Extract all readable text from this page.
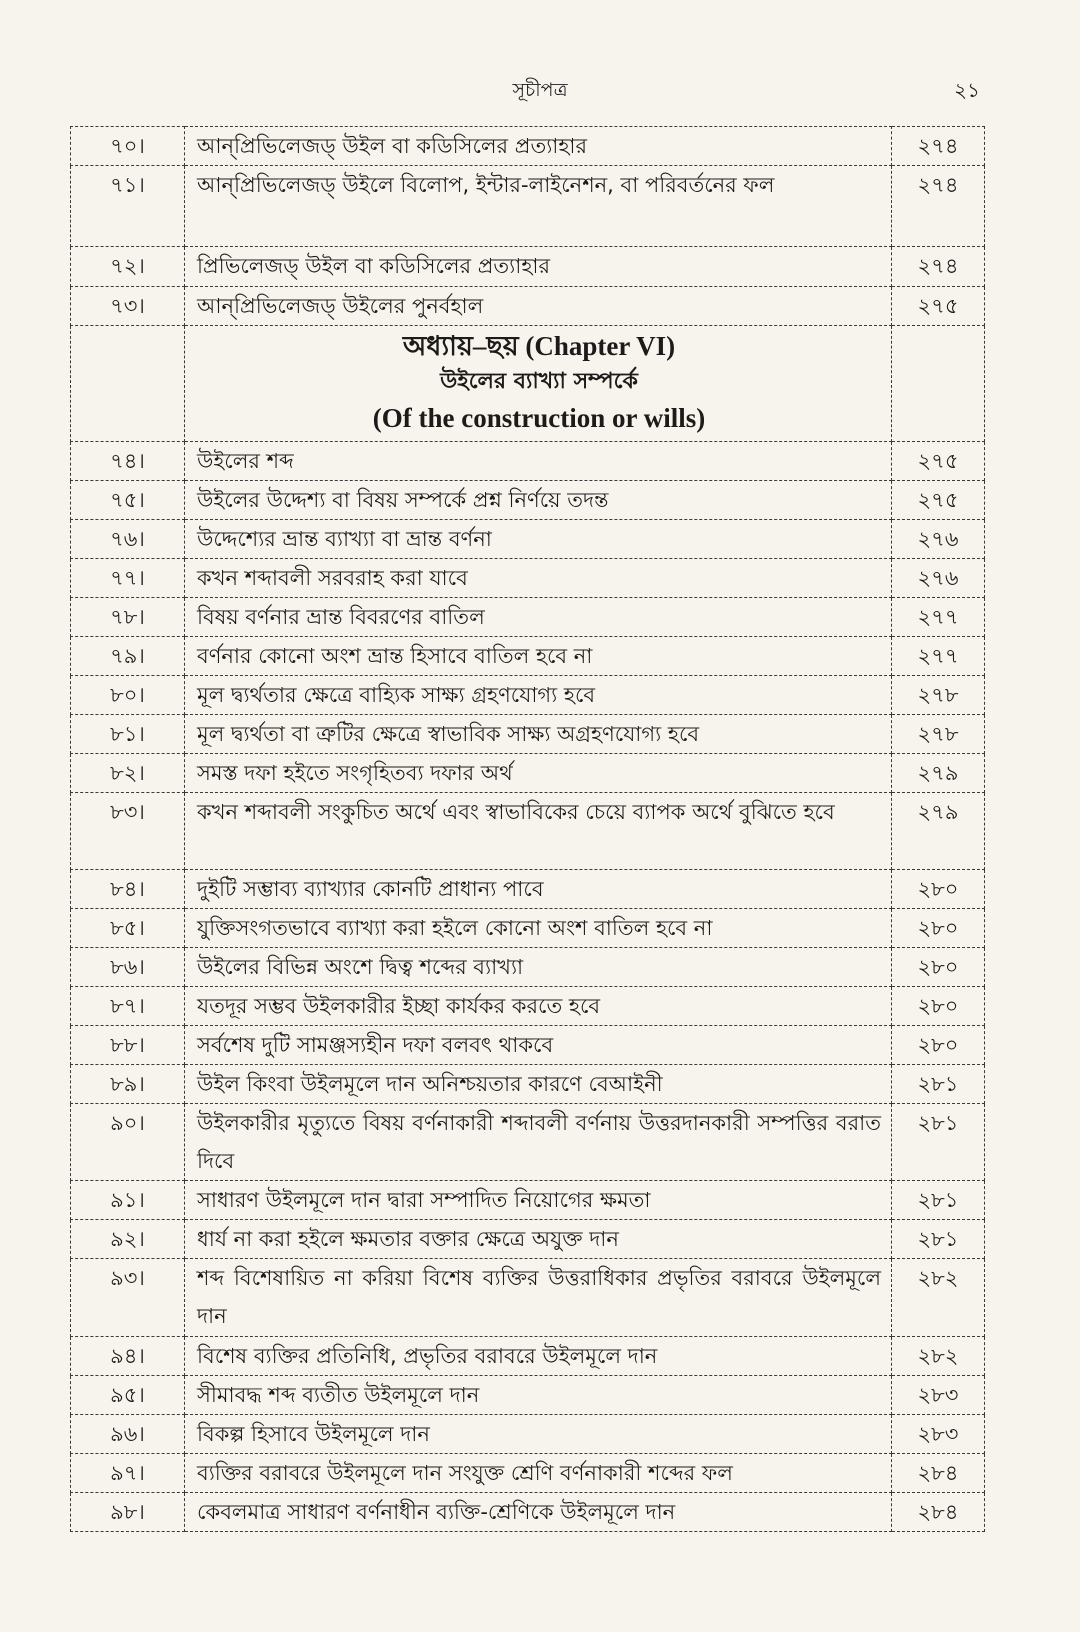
সূচীপত্র	২১
৭০।	আন্‌প্রিভিলেজড্ উইল বা কডিসিলের প্রত্যাহার	২৭৪
৭১।	আন্‌প্রিভিলেজড্ উইলে বিলোপ, ইন্টার-লাইনেশন, বা পরিবর্তনের ফল	২৭৪
৭২।	প্রিভিলেজড্ উইল বা কডিসিলের প্রত্যাহার	২৭৪
৭৩।	আন্‌প্রিভিলেজড্ উইলের পুনর্বহাল	২৭৫

	অধ্যায়–ছয় (Chapter VI)
উইলের ব্যাখ্যা সম্পর্কে
(Of the construction or wills)	

৭৪।	উইলের শব্দ	২৭৫
৭৫।	উইলের উদ্দেশ্য বা বিষয় সম্পর্কে প্রশ্ন নির্ণয়ে তদন্ত	২৭৫
৭৬।	উদ্দেশ্যের ভ্রান্ত ব্যাখ্যা বা ভ্রান্ত বর্ণনা	২৭৬
৭৭।	কখন শব্দাবলী সরবরাহ করা যাবে	২৭৬
৭৮।	বিষয় বর্ণনার ভ্রান্ত বিবরণের বাতিল	২৭৭
৭৯।	বর্ণনার কোনো অংশ ভ্রান্ত হিসাবে বাতিল হবে না	২৭৭
৮০।	মূল দ্ব্যর্থতার ক্ষেত্রে বাহ্যিক সাক্ষ্য গ্রহণযোগ্য হবে	২৭৮
৮১।	মূল দ্ব্যর্থতা বা ত্রুটির ক্ষেত্রে স্বাভাবিক সাক্ষ্য অগ্রহণযোগ্য হবে	২৭৮
৮২।	সমস্ত দফা হইতে সংগৃহিতব্য দফার অর্থ	২৭৯
৮৩।	কখন শব্দাবলী সংকুচিত অর্থে এবং স্বাভাবিকের চেয়ে ব্যাপক অর্থে বুঝিতে হবে	২৭৯
৮৪।	দুইটি সম্ভাব্য ব্যাখ্যার কোনটি প্রাধান্য পাবে	২৮০
৮৫।	যুক্তিসংগতভাবে ব্যাখ্যা করা হইলে কোনো অংশ বাতিল হবে না	২৮০
৮৬।	উইলের বিভিন্ন অংশে দ্বিত্ব শব্দের ব্যাখ্যা	২৮০
৮৭।	যতদূর সম্ভব উইলকারীর ইচ্ছা কার্যকর করতে হবে	২৮০
৮৮।	সর্বশেষ দুটি সামঞ্জস্যহীন দফা বলবৎ থাকবে	২৮০
৮৯।	উইল কিংবা উইলমূলে দান অনিশ্চয়তার কারণে বেআইনী	২৮১
৯০।	উইলকারীর মৃত্যুতে বিষয় বর্ণনাকারী শব্দাবলী বর্ণনায় উত্তরদানকারী সম্পত্তির বরাত দিবে	২৮১
৯১।	সাধারণ উইলমূলে দান দ্বারা সম্পাদিত নিয়োগের ক্ষমতা	২৮১
৯২।	ধার্য না করা হইলে ক্ষমতার বক্তার ক্ষেত্রে অযুক্ত দান	২৮১
৯৩।	শব্দ বিশেষায়িত না করিয়া বিশেষ ব্যক্তির উত্তরাধিকার প্রভৃতির বরাবরে উইলমূলে দান	২৮২
৯৪।	বিশেষ ব্যক্তির প্রতিনিধি, প্রভৃতির বরাবরে উইলমূলে দান	২৮২
৯৫।	সীমাবদ্ধ শব্দ ব্যতীত উইলমূলে দান	২৮৩
৯৬।	বিকল্প হিসাবে উইলমূলে দান	২৮৩
৯৭।	ব্যক্তির বরাবরে উইলমূলে দান সংযুক্ত শ্রেণি বর্ণনাকারী শব্দের ফল	২৮৪
৯৮।	কেবলমাত্র সাধারণ বর্ণনাধীন ব্যক্তি-শ্রেণিকে উইলমূলে দান	২৮৪
